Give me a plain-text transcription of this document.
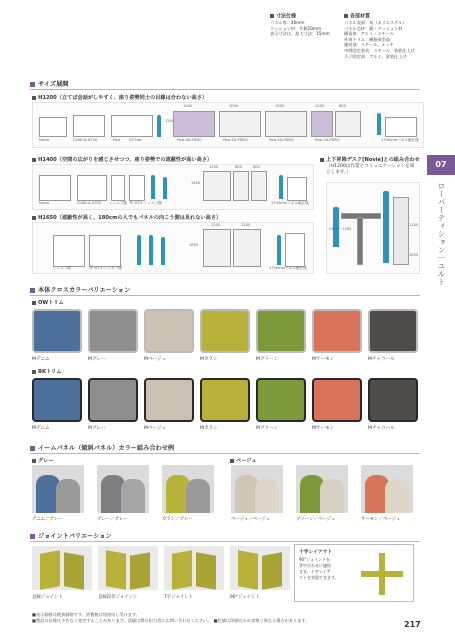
寸法仕様
パネル厚：40mm
クッション材：片側10mm
表示寸法は、最大寸法：15mm
各部材質
パネル表面：布（ポリエステル）
パネル芯材：紙・クッション材
構造体：アルミ・スチール
外周トリム：樹脂成型品
連結部：スチール、メッキ
中間固定金具：スチール、塗装仕上げ
ネジ固定部：アルミ、塗装仕上げ
サイズ展開
H1200（立てば会話がしやすく、座り姿勢同士の目線は合わない高さ）
Novie	CLBD-A-HT00	Pole DTY-ab	Pow-SA-PDRO	Pow-SA-PDRQ	Pow-SA-PDRQ	Pow-SA-PDRQ	1700mmパネル幅仕様
1000	1000	1000	1200	800
1200
H1400（空間の広がりを感じさせつつ、座り姿勢での遮蔽性が高い高さ）
Novie	CLBD-A-HT00 シェルフ棚 TF-HT-5 シェルフ棚	1700mmパネル幅仕様
1200	600	600
1400
H1650（遮蔽性が高く、180cmの人でもパネルの向こう側は見れない高さ）
シェルフ棚	TF-HT-5 シェルフ棚	1700mmパネル幅仕様
1200	1200
1650
上下昇降デスク[Novie]との組み合わせ
（H1200は作業とコミュニケーションを両立します。）
H650〜1250
1200
1650
07
ローパーティション｜ユルト
本体クロスカラーバリエーション
OWトリム
Mデニム	Mグレー	Mベージュ	Mカラシ	Mグリーン	Mサーモン	Mチャコール
BKトリム
Mデニム	Mグレー	Mベージュ	Mカラシ	Mグリーン	Mサーモン	Mチャコール
イームパネル（傾斜パネル）カラー組み合わせ例
グレー	ベージュ
デニム／グレー	グレー／グレー	カラシ／グレー	ベージュ／ベージュ	グリーン／ベージュ	サーモン／ベージュ
ジョイントバリエーション
直線ジョイント	直線段差ジョイント	T字ジョイント	90°ジョイント
十字レイアウト
90°ジョイントを
背中合わせに連結
させ、十字レイア
ウトを実現できます。
■表示価格は税抜価格です。消費税は別途申し受けます。
■製品の仕様は予告なく変更することがあります。詳細は弊社担当者にお問い合わせください。　■色調は印刷のため実物と異なる場合があります。	217
